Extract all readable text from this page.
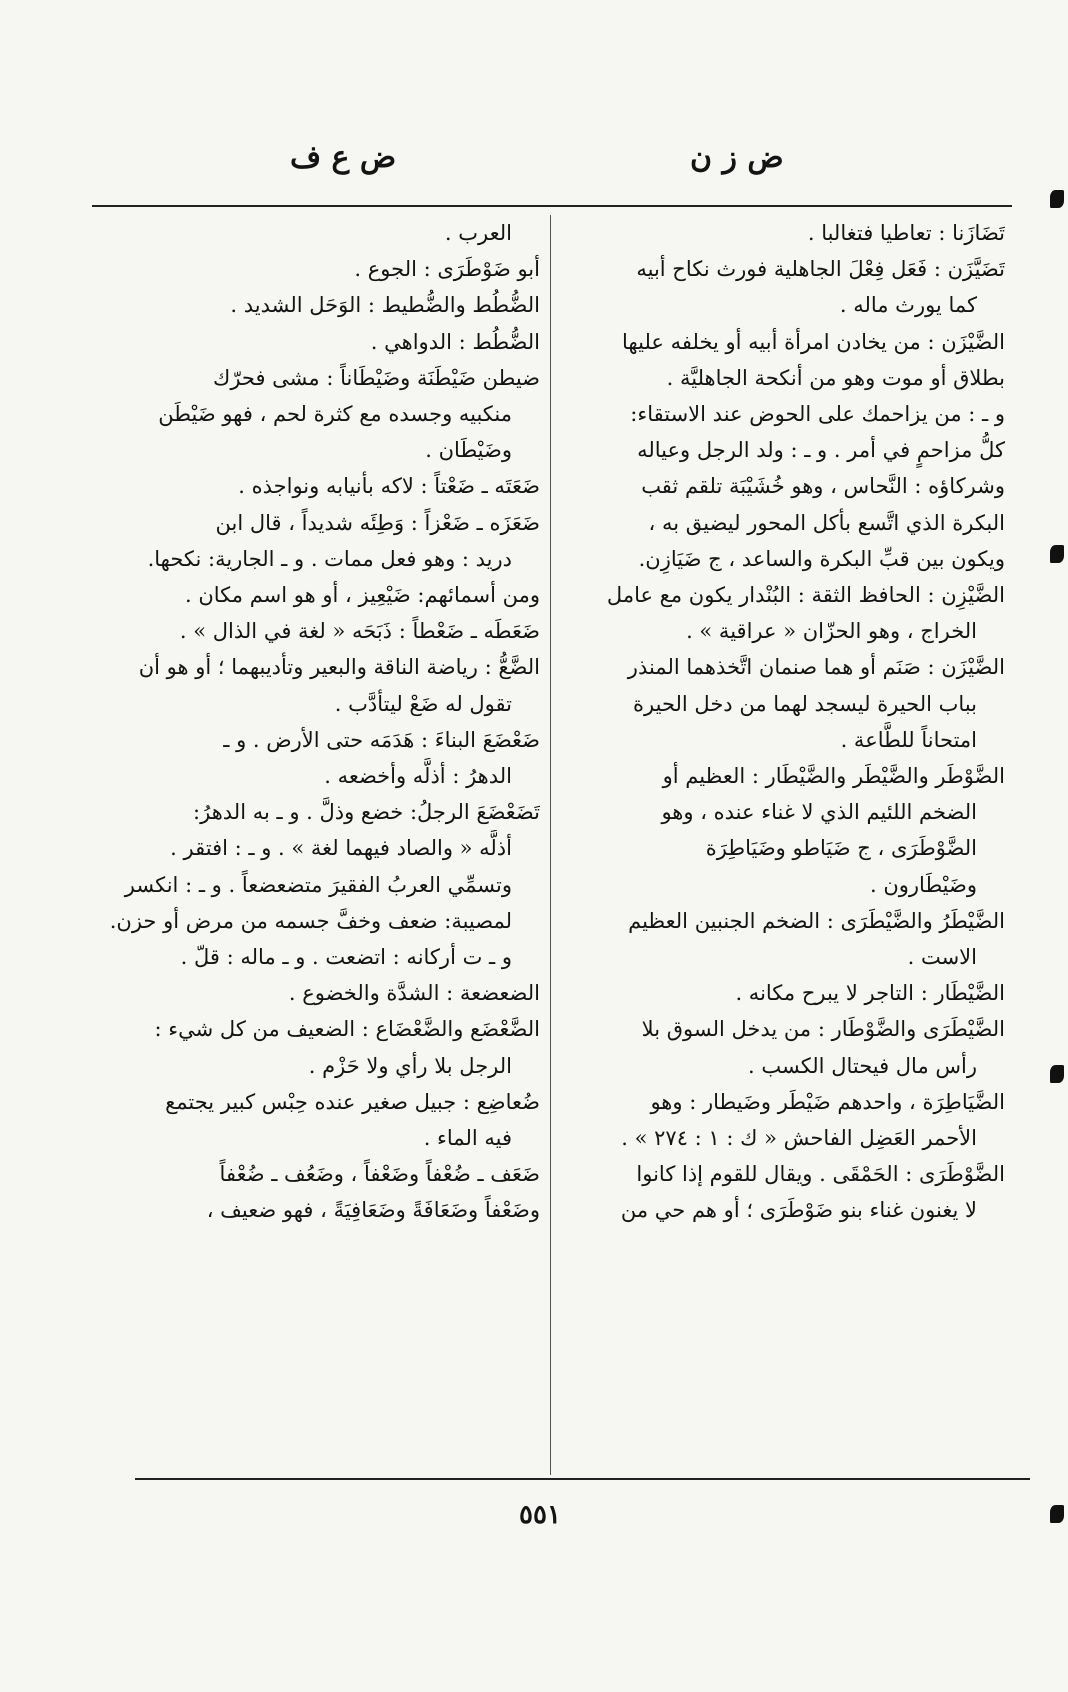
ض ز ن
ض ع ف
تَضَازَنا : تعاطيا فتغالبا .
تَضَيَّزَن : فَعَل فِعْلَ الجاهلية فورث نكاح أبيه
كما يورث ماله .
الضَّيْزَن : من يخادن امرأة أبيه أو يخلفه عليها
بطلاق أو موت وهو من أنكحة الجاهليَّة .
و ـ : من يزاحمك على الحوض عند الاستقاء:
كلُّ مزاحمٍ في أمر . و ـ : ولد الرجل وعياله
وشركاؤه : النَّحاس ، وهو خُشَيْبَة تلقم ثقب
البكرة الذي اتَّسع بأكل المحور ليضيق به ،
ويكون بين قبِّ البكرة والساعد ، ج ضَيَازِن.
الضَّيْزِن : الحافظ الثقة : البُنْدار يكون مع عامل
الخراج ، وهو الحزّان « عراقية » .
الضَّيْزَن : صَنَم أو هما صنمان اتَّخذهما المنذر
بباب الحيرة ليسجد لهما من دخل الحيرة
امتحاناً للطَّاعة .
الضَّوْطَر والضَّيْطَر والضَّيْطَار : العظيم أو
الضخم اللئيم الذي لا غناء عنده ، وهو
الضَّوْطَرَى ، ج ضَيَاطو وضَيَاطِرَة
وضَيْطَارون .
الضَّيْطَرُ والضَّيْطَرَى : الضخم الجنبين العظيم
الاست .
الضَّيْطَار : التاجر لا يبرح مكانه .
الضَّيْطَرَى والضَّوْطَار : من يدخل السوق بلا
رأس مال فيحتال الكسب .
الضَّيَاطِرَة ، واحدهم ضَيْطَر وضَيطار : وهو
الأحمر العَضِل الفاحش « ك : ١ : ٢٧٤ » .
الضَّوْطَرَى : الحَمْقَى . ويقال للقوم إذا كانوا
لا يغنون غناء بنو ضَوْطَرَى ؛ أو هم حي من
العرب .
أبو ضَوْطَرَى : الجوع .
الضُّطُط والضُّطيط : الوَحَل الشديد .
الضُّطُط : الدواهي .
ضيطن ضَيْطَنَة وضَيْطَاناً : مشى فحرّك
منكبيه وجسده مع كثرة لحم ، فهو ضَيْطَن
وضَيْطَان .
ضَعَتَه ـ ضَعْتاً : لاكه بأنيابه ونواجذه .
ضَعَزَه ـ ضَعْزاً : وَطِئَه شديداً ، قال ابن
دريد : وهو فعل ممات . و ـ الجارية: نكحها.
ومن أسمائهم: ضَيْعِيز ، أو هو اسم مكان .
ضَعَطَه ـ ضَعْطاً : ذَبَحَه « لغة في الذال » .
الضَّعُّ : رياضة الناقة والبعير وتأديبهما ؛ أو هو أن
تقول له ضَعْ ليتأدَّب .
ضَعْضَعَ البناءَ : هَدَمَه حتى الأرض . و ـ
الدهرُ : أذلَّه وأخضعه .
تَضَعْضَعَ الرجلُ: خضع وذلَّ . و ـ به الدهرُ:
أذلَّه « والصاد فيهما لغة » . و ـ : افتقر .
وتسمِّي العربُ الفقيرَ متضعضعاً . و ـ : انكسر
لمصيبة: ضعف وخفَّ جسمه من مرض أو حزن.
و ـ ت أركانه : اتضعت . و ـ ماله : قلّ .
الضعضعة : الشدَّة والخضوع .
الضَّعْضَع والضَّعْضَاع : الضعيف من كل شيء :
الرجل بلا رأي ولا حَزْم .
ضُعاضِع : جبيل صغير عنده حِبْس كبير يجتمع
فيه الماء .
ضَعَف ـ ضُعْفاً وضَعْفاً ، وضَعُف ـ ضُعْفاً
وضَعْفاً وضَعَافَةً وضَعَافِيَةً ، فهو ضعيف ،
٥٥١
